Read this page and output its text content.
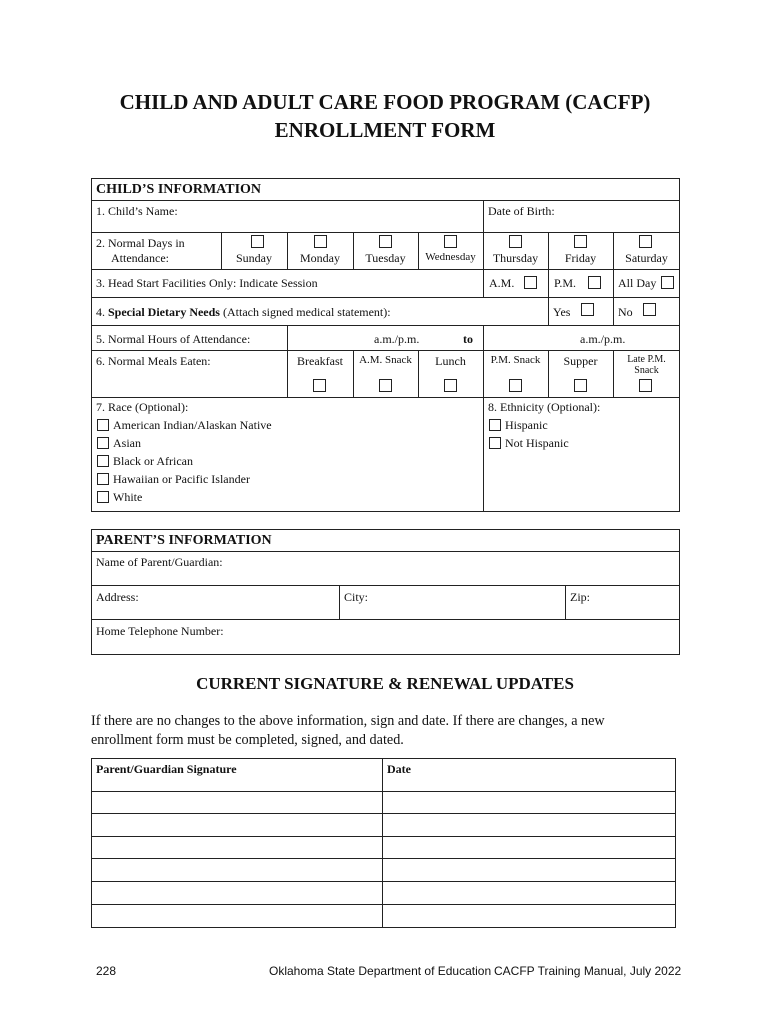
CHILD AND ADULT CARE FOOD PROGRAM (CACFP)
ENROLLMENT FORM
CHILD’S INFORMATION
1. Child’s Name:	Date of Birth:
2. Normal Days in
Attendance:	Sunday	Monday	Tuesday	Wednesday	Thursday	Friday	Saturday
3. Head Start Facilities Only: Indicate Session	A.M.	P.M.	All Day
4. Special Dietary Needs (Attach signed medical statement):	Yes	No
5. Normal Hours of Attendance:	a.m./p.m.	to	a.m./p.m.
6. Normal Meals Eaten:	Breakfast	A.M. Snack	Lunch	P.M. Snack	Supper	Late P.M.
Snack
7. Race (Optional):
American Indian/Alaskan Native
Asian
Black or African
Hawaiian or Pacific Islander
White
8. Ethnicity (Optional):
Hispanic
Not Hispanic
PARENT’S INFORMATION
Name of Parent/Guardian:
Address:	City:	Zip:
Home Telephone Number:
CURRENT SIGNATURE & RENEWAL UPDATES
If there are no changes to the above information, sign and date. If there are changes, a new
enrollment form must be completed, signed, and dated.
Parent/Guardian Signature	Date
228	Oklahoma State Department of Education CACFP Training Manual, July 2022
